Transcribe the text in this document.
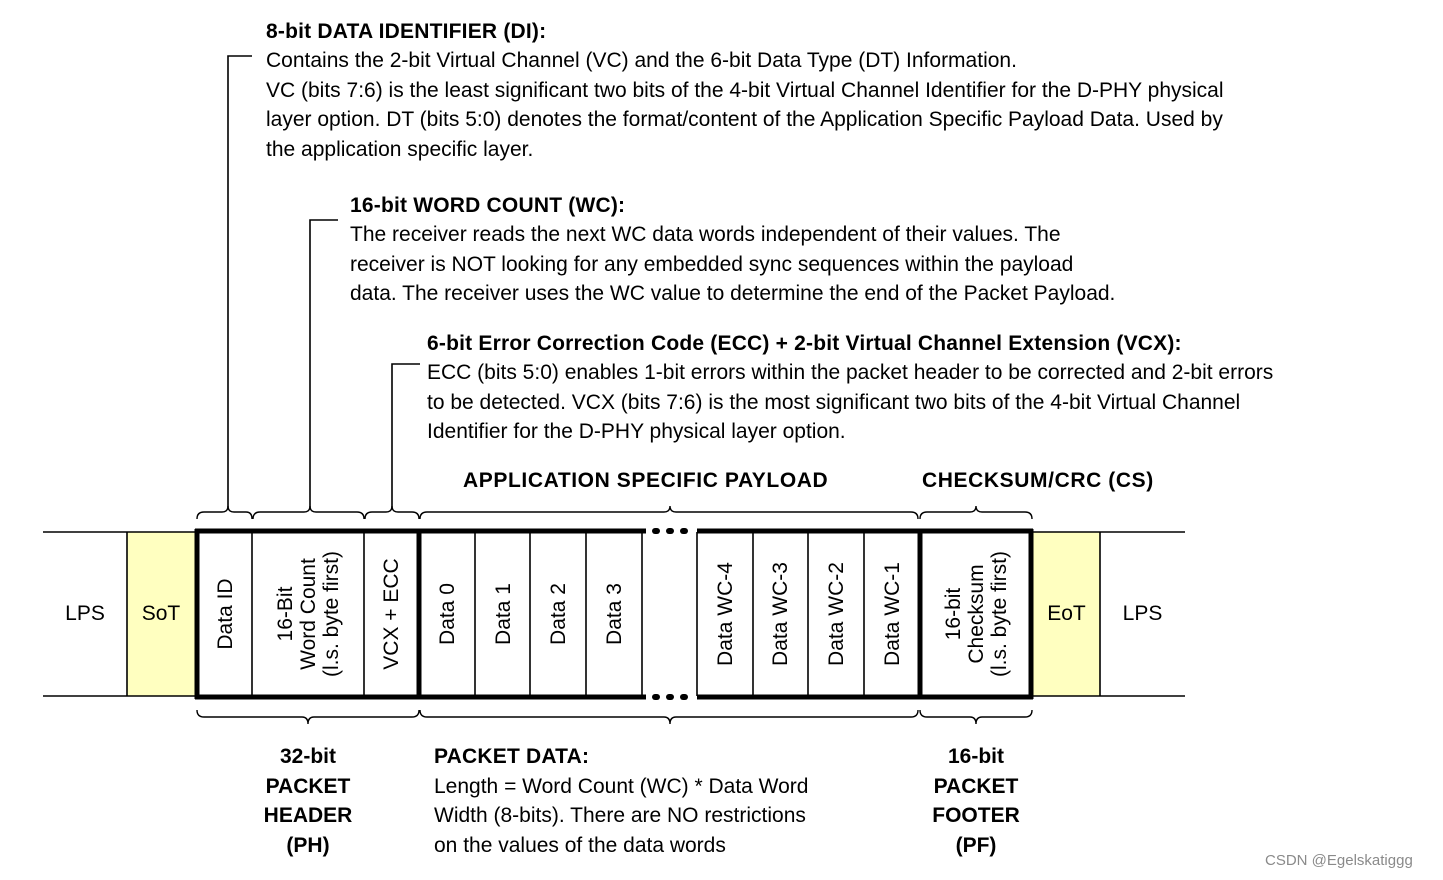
8-bit DATA IDENTIFIER (DI):
Contains the 2-bit Virtual Channel (VC) and the 6-bit Data Type (DT) Information.
VC (bits 7:6) is the least significant two bits of the 4-bit Virtual Channel Identifier for the D-PHY physical
layer option. DT (bits 5:0) denotes the format/content of the Application Specific Payload Data. Used by
the application specific layer.
16-bit WORD COUNT (WC):
The receiver reads the next WC data words independent of their values. The
receiver is NOT looking for any embedded sync sequences within the payload
data. The receiver uses the WC value to determine the end of the Packet Payload.
6-bit Error Correction Code (ECC) + 2-bit Virtual Channel Extension (VCX):
ECC (bits 5:0) enables 1-bit errors within the packet header to be corrected and 2-bit errors
to be detected. VCX (bits 7:6) is the most significant two bits of the 4-bit Virtual Channel
Identifier for the D-PHY physical layer option.
APPLICATION SPECIFIC PAYLOAD	CHECKSUM/CRC (CS)
LPS	SoT	EoT	LPS
Data ID 16-Bit Word Count (l.s. byte first) VCX + ECC Data 0 Data 1 Data 2 Data 3	Data WC-4 Data WC-3 Data WC-2 Data WC-1 16-bit Checksum (l.s. byte first)
32-bit
PACKET
HEADER
(PH)
PACKET DATA:
Length = Word Count (WC) * Data Word
Width (8-bits). There are NO restrictions
on the values of the data words
16-bit
PACKET
FOOTER
(PF)
CSDN @Egelskatiggg
